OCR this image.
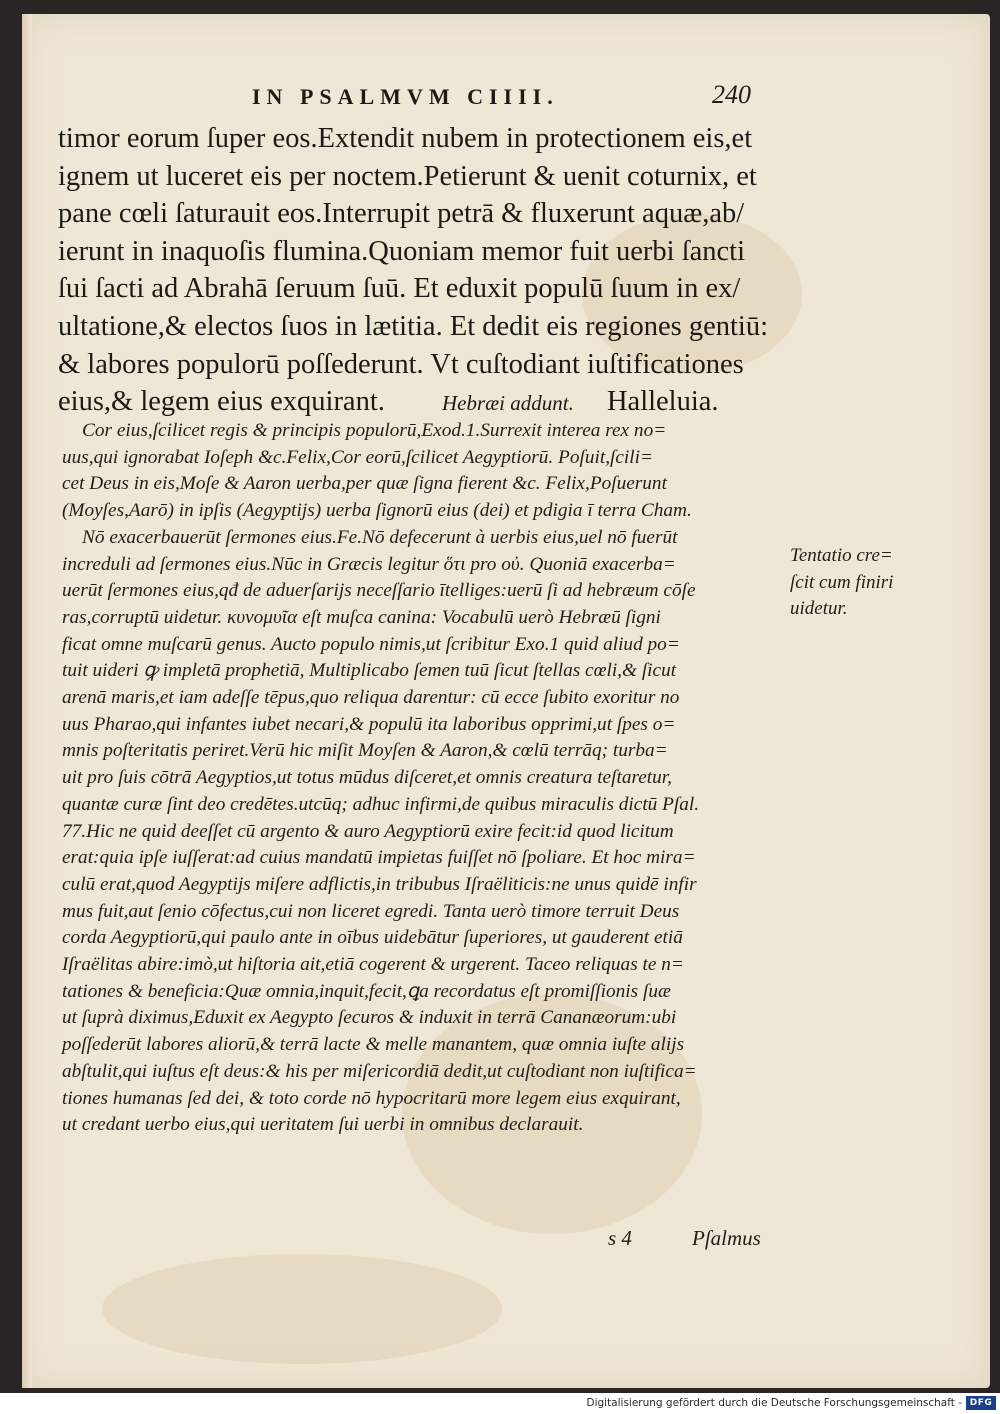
IN PSALMVM CIIII.	240
timor eorum ſuper eos.Extendit nubem in protectionem eis,et
ignem ut luceret eis per noctem.Petierunt & uenit coturnix, et
pane cœli ſaturauit eos.Interrupit petrā & fluxerunt aquæ,ab/
ierunt in inaquoſis flumina.Quoniam memor fuit uerbi ſancti
ſui ſacti ad Abrahā ſeruum ſuū. Et eduxit populū ſuum in ex/
ultatione,& electos ſuos in lætitia. Et dedit eis regiones gentiū:
& labores populorū poſſederunt. Vt cuſtodiant iuſtificationes
eius,& legem eius exquirant.	Hebræi addunt. Halleluia.
Cor eius,ſcilicet regis & principis populorū,Exod.1.Surrexit interea rex no=
uus,qui ignorabat Ioſeph &c.Felix,Cor eorū,ſcilicet Aegyptiorū. Poſuit,ſcili=
cet Deus in eis,Moſe & Aaron uerba,per quæ ſigna fierent &c. Felix,Poſuerunt
(Moyſes,Aarō) in ipſis (Aegyptijs) uerba ſignorū eius (dei) et pdigia ī terra Cham.
Nō exacerbauerūt ſermones eius.Fe.Nō defecerunt à uerbis eius,uel nō fuerūt
increduli ad ſermones eius.Nūc in Græcis legitur ὅτι pro οὐ. Quoniā exacerba=
uerūt ſermones eius,qđ de aduerſarijs neceſſario ītelliges:uerū ſi ad hebræum cōſe
ras,corruptū uidetur. κυνομυῖα eſt muſca canina: Vocabulū uerò Hebræū ſigni
ficat omne muſcarū genus. Aucto populo nimis,ut ſcribitur Exo.1 quid aliud po=
tuit uideri ꝙ impletā prophetiā, Multiplicabo ſemen tuū ſicut ſtellas cœli,& ſicut
arenā maris,et iam adeſſe tēpus,quo reliqua darentur: cū ecce ſubito exoritur no
uus Pharao,qui infantes iubet necari,& populū ita laboribus opprimi,ut ſpes o=
mnis poſteritatis periret.Verū hic miſit Moyſen & Aaron,& cœlū terrāq; turba=
uit pro ſuis cōtrā Aegyptios,ut totus mūdus diſceret,et omnis creatura teſtaretur,
quantæ curæ ſint deo credētes.utcūq; adhuc infirmi,de quibus miraculis dictū Pſal.
77.Hic ne quid deeſſet cū argento & auro Aegyptiorū exire fecit:id quod licitum
erat:quia ipſe iuſſerat:ad cuius mandatū impietas fuiſſet nō ſpoliare. Et hoc mira=
culū erat,quod Aegyptijs miſere adflictis,in tribubus Iſraëliticis:ne unus quidē infir
mus fuit,aut ſenio cōfectus,cui non liceret egredi. Tanta uerò timore terruit Deus
corda Aegyptiorū,qui paulo ante in oībus uidebātur ſuperiores, ut gauderent etiā
Iſraëlitas abire:imò,ut hiſtoria ait,etiā cogerent & urgerent. Taceo reliquas te n=
tationes & beneficia:Quæ omnia,inquit,fecit,ꝗa recordatus eſt promiſſionis ſuæ
ut ſuprà diximus,Eduxit ex Aegypto ſecuros & induxit in terrā Cananæorum:ubi
poſſederūt labores aliorū,& terrā lacte & melle manantem, quæ omnia iuſte alijs
abſtulit,qui iuſtus eſt deus:& his per miſericordiā dedit,ut cuſtodiant non iuſtifica=
tiones humanas ſed dei, & toto corde nō hypocritarū more legem eius exquirant,
ut credant uerbo eius,qui ueritatem ſui uerbi in omnibus declarauit.
Tentatio cre=
ſcit cum finiri
uidetur.
s 4	Pſalmus
Digitalisierung gefördert durch die Deutsche Forschungsgemeinschaft - DFG
